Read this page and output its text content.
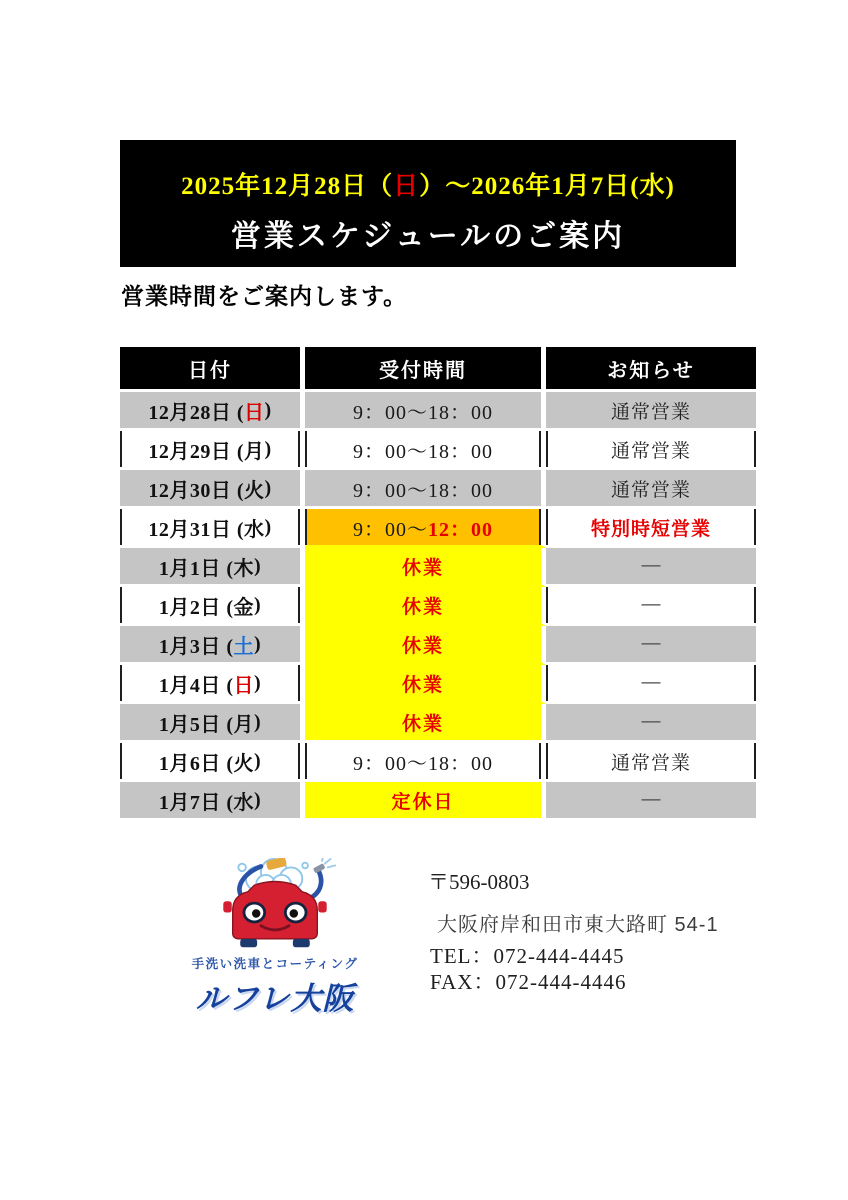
2025年12月28日（日）～2026年1月7日(水)
営業スケジュールのご案内
営業時間をご案内します。
日付	受付時間	お知らせ
12月28日 ( 日 )	9：00～18：00	通常営業
12月29日 ( 月 )	9：00～18：00	通常営業
12月30日 ( 火 )	9：00～18：00	通常営業
12月31日 ( 水 )	9：00～ 12：00	特別時短営業
1月1日 ( 木 )	休業	—
1月2日 ( 金 )	休業	—
1月3日 ( 土 )	休業	—
1月4日 ( 日 )	休業	—
1月5日 ( 月 )	休業	—
1月6日 ( 火 )	9：00～18：00	通常営業
1月7日 ( 水 )	定休日	—
手洗い洗車とコーティング
ルフレ大阪
〒596-0803
大阪府岸和田市東大路町 54-1
TEL：072-444-4445
FAX：072-444-4446
